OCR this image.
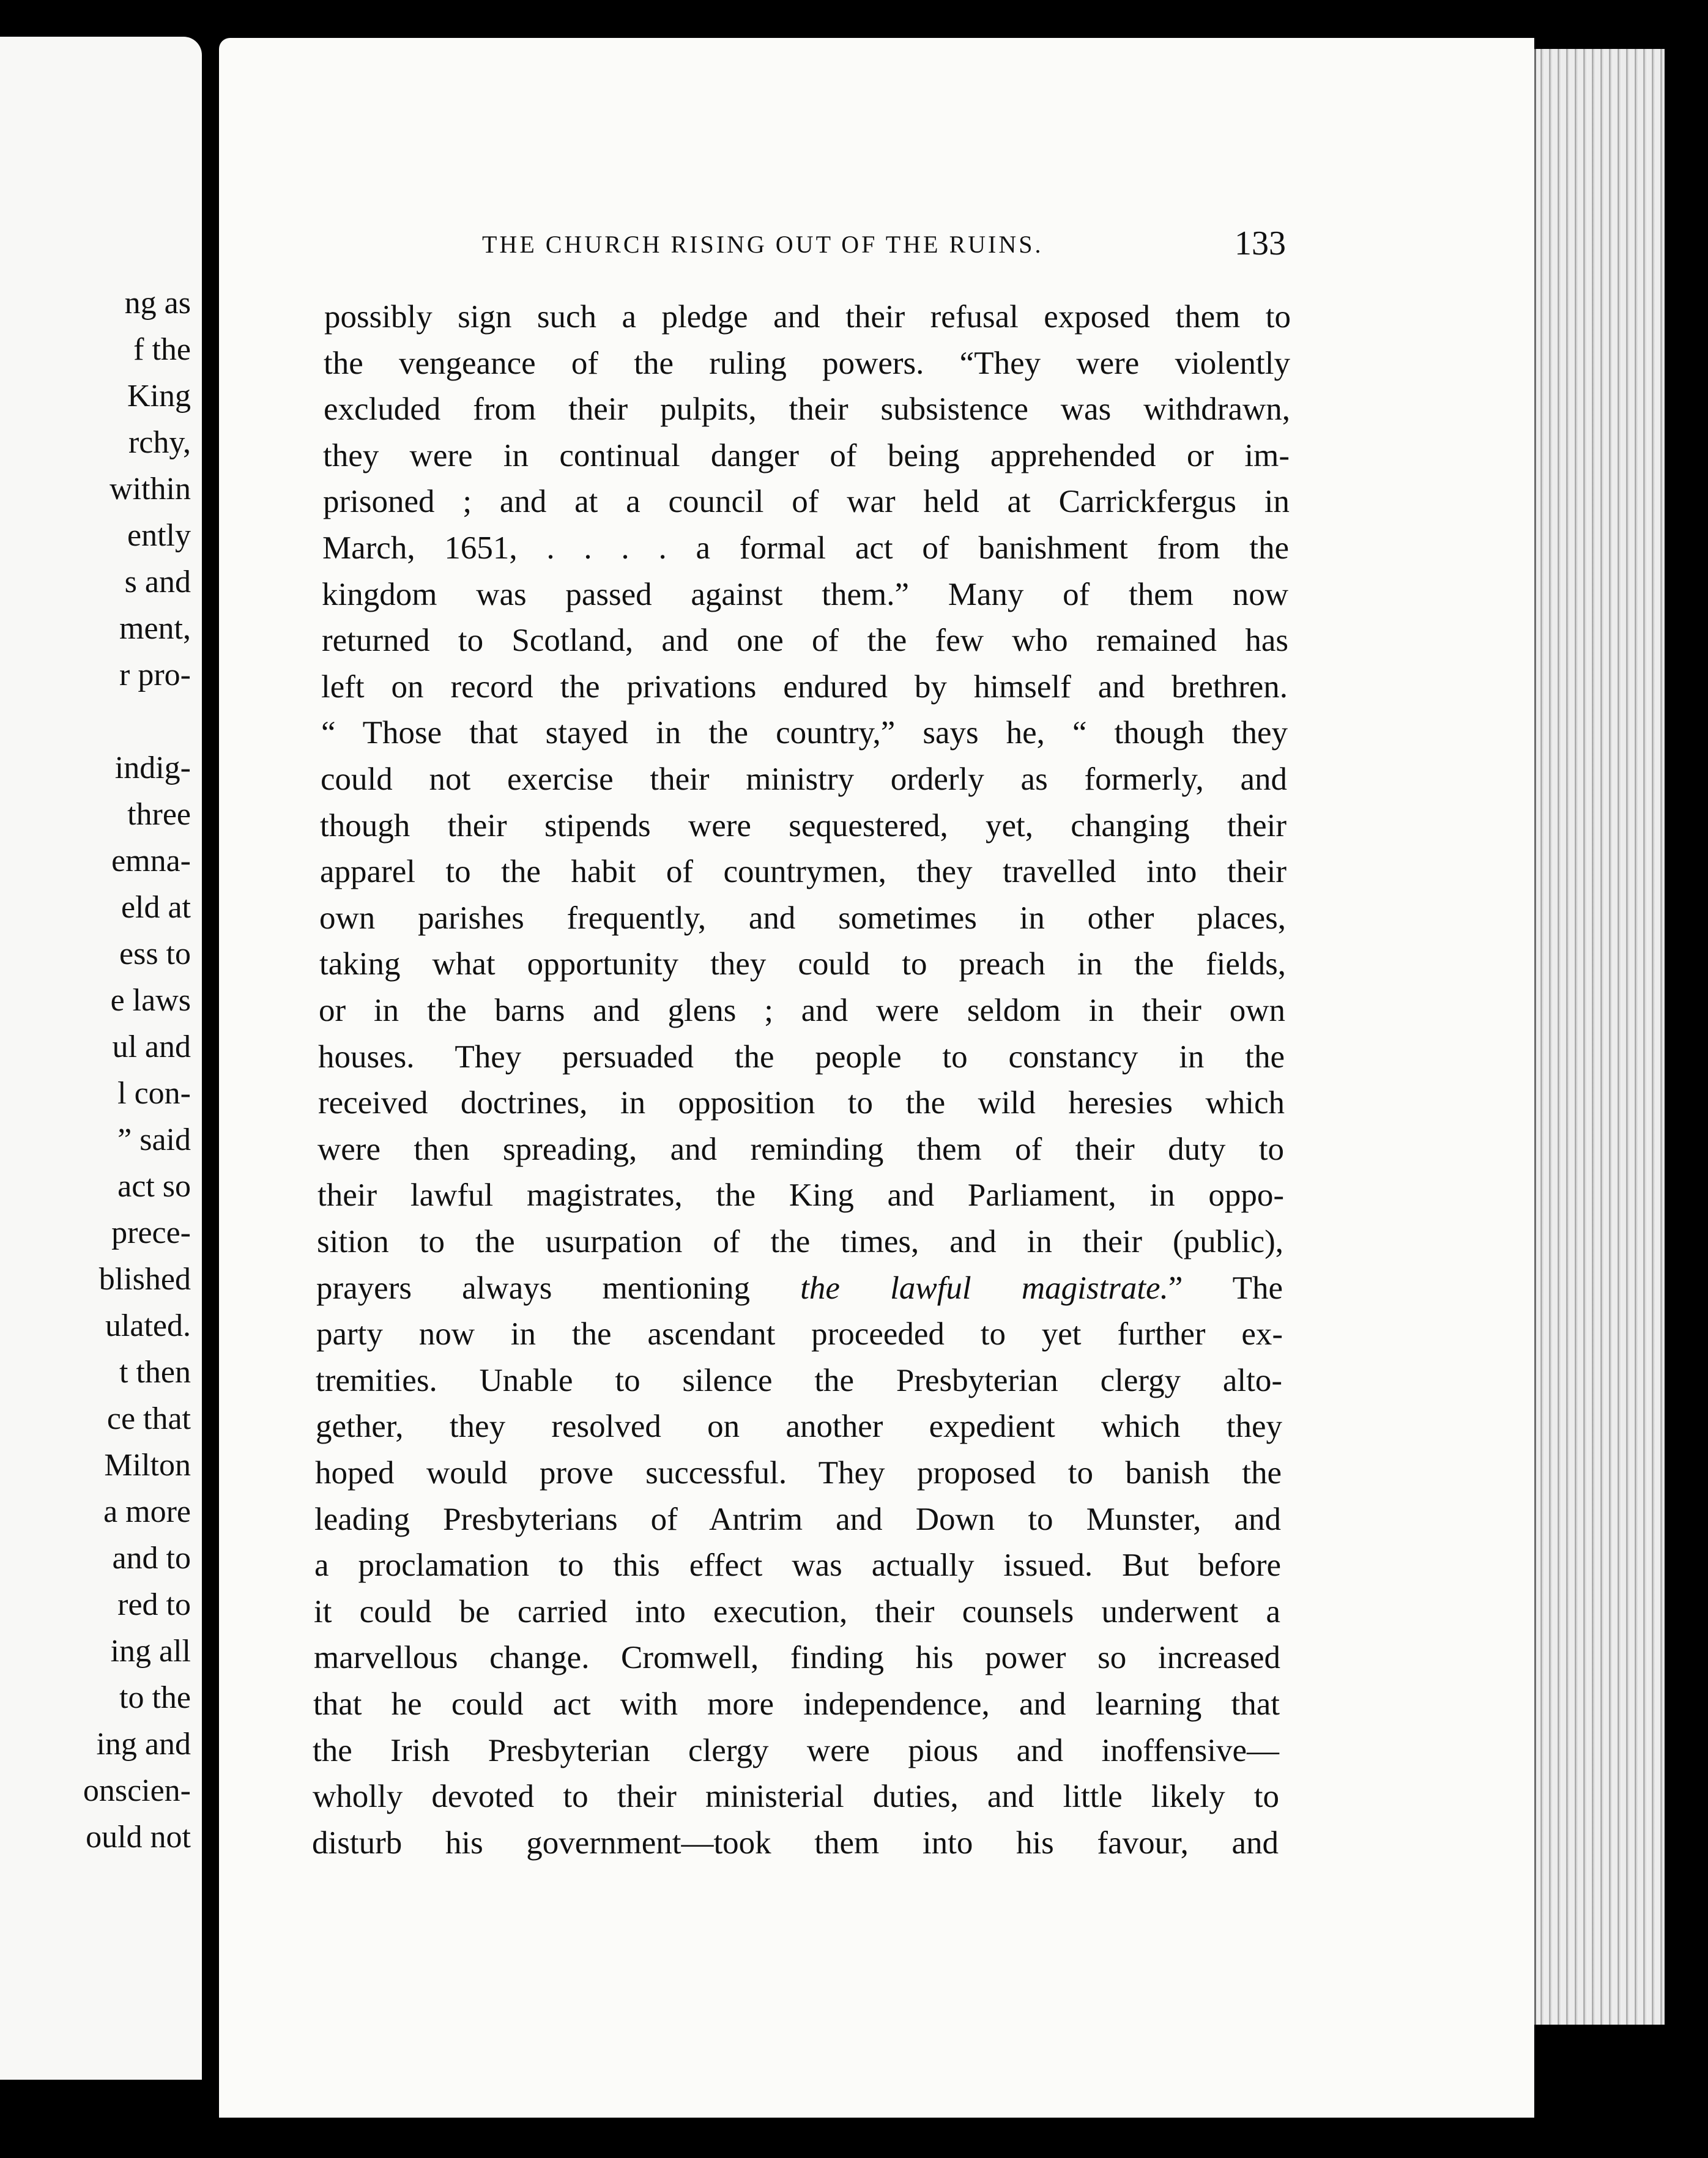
ng as
f the
King
rchy,
within
ently
s and
ment,
r pro-
indig-
three
emna-
eld at
ess to
e laws
ul and
l con-
” said
act so
prece-
blished
ulated.
t then
ce that
Milton
a more
and to
red to
ing all
to the
ing and
onscien-
ould not
THE CHURCH RISING OUT OF THE RUINS.	133
possibly sign such a pledge and their refusal exposed them to
the vengeance of the ruling powers. “They were violently
excluded from their pulpits, their subsistence was withdrawn,
they were in continual danger of being apprehended or im-
prisoned ; and at a council of war held at Carrickfergus in
March, 1651, . . . . a formal act of banishment from the
kingdom was passed against them.” Many of them now
returned to Scotland, and one of the few who remained has
left on record the privations endured by himself and brethren.
“ Those that stayed in the country,” says he, “ though they
could not exercise their ministry orderly as formerly, and
though their stipends were sequestered, yet, changing their
apparel to the habit of countrymen, they travelled into their
own parishes frequently, and sometimes in other places,
taking what opportunity they could to preach in the fields,
or in the barns and glens ; and were seldom in their own
houses. They persuaded the people to constancy in the
received doctrines, in opposition to the wild heresies which
were then spreading, and reminding them of their duty to
their lawful magistrates, the King and Parliament, in oppo-
sition to the usurpation of the times, and in their (public),
prayers always mentioning the lawful magistrate.” The
party now in the ascendant proceeded to yet further ex-
tremities. Unable to silence the Presbyterian clergy alto-
gether, they resolved on another expedient which they
hoped would prove successful. They proposed to banish the
leading Presbyterians of Antrim and Down to Munster, and
a proclamation to this effect was actually issued. But before
it could be carried into execution, their counsels underwent a
marvellous change. Cromwell, finding his power so increased
that he could act with more independence, and learning that
the Irish Presbyterian clergy were pious and inoffensive—
wholly devoted to their ministerial duties, and little likely to
disturb his government—took them into his favour, and
